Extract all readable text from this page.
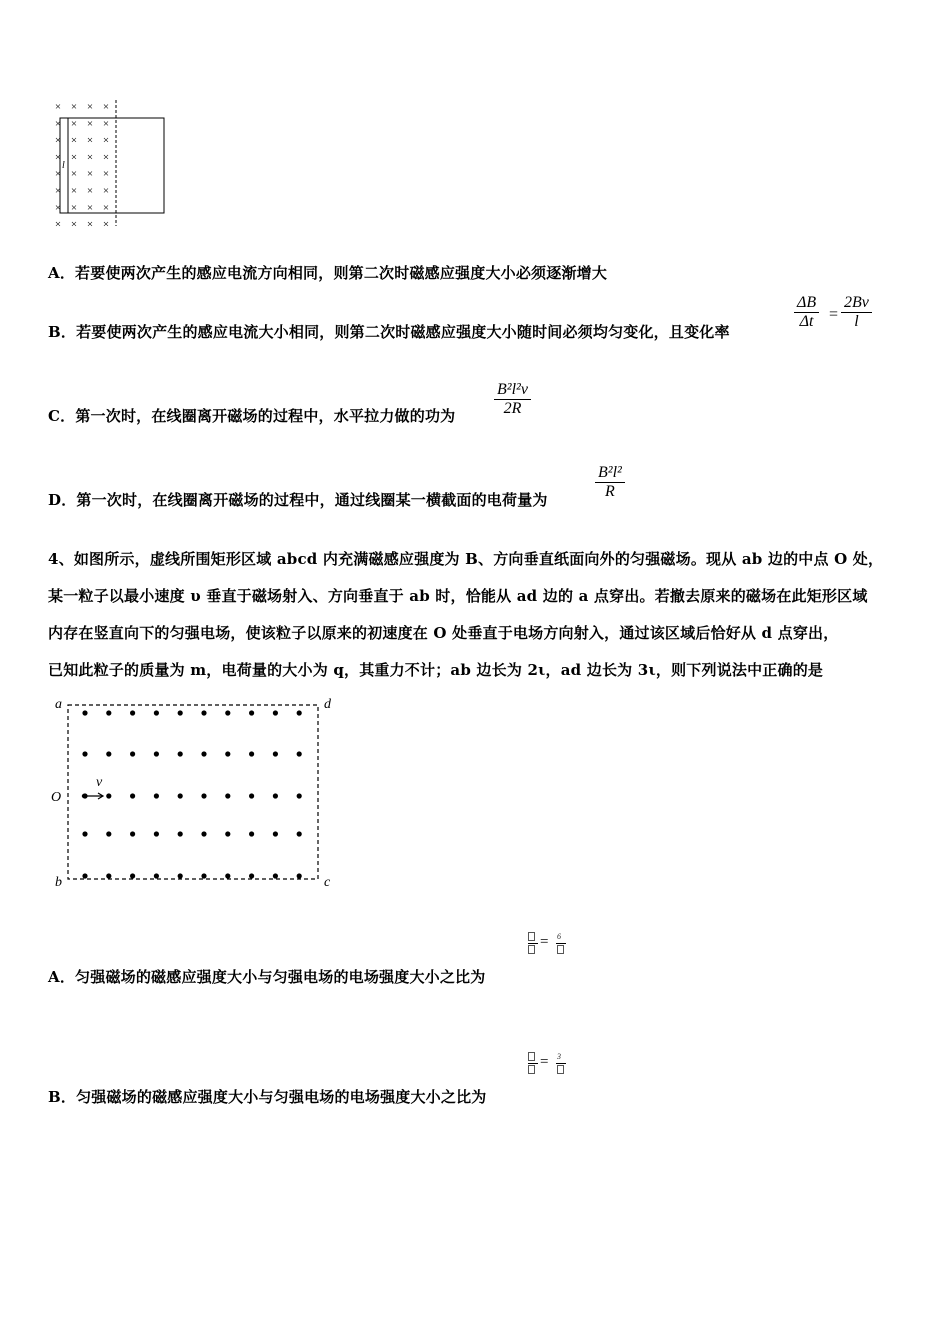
× × × ×
× × × ×
× × × ×
× × × ×
× × × ×
× × × ×
× × × ×
× × × ×
l
A．若要使两次产生的感应电流方向相同，则第二次时磁感应强度大小必须逐渐增大
B．若要使两次产生的感应电流大小相同，则第二次时磁感应强度大小随时间必须均匀变化，且变化率
ΔB
Δt =
2Bv
l
C．第一次时，在线圈离开磁场的过程中，水平拉力做的功为
B²l²v
2R
D．第一次时，在线圈离开磁场的过程中，通过线圈某一横截面的电荷量为
B²l²
R
4、如图所示，虚线所围矩形区域 abcd 内充满磁感应强度为 B、方向垂直纸面向外的匀强磁场。现从 ab 边的中点 O 处，
某一粒子以最小速度 υ 垂直于磁场射入、方向垂直于 ab 时，恰能从 ad 边的 a 点穿出。若撤去原来的磁场在此矩形区域
内存在竖直向下的匀强电场，使该粒子以原来的初速度在 O 处垂直于电场方向射入，通过该区域后恰好从 d 点穿出，
已知此粒子的质量为 m，电荷量的大小为 q，其重力不计；ab 边长为 2ι，ad 边长为 3ι，则下列说法中正确的是
a	d
b	c
O
v
= 6
A．匀强磁场的磁感应强度大小与匀强电场的电场强度大小之比为
= 3
B．匀强磁场的磁感应强度大小与匀强电场的电场强度大小之比为
